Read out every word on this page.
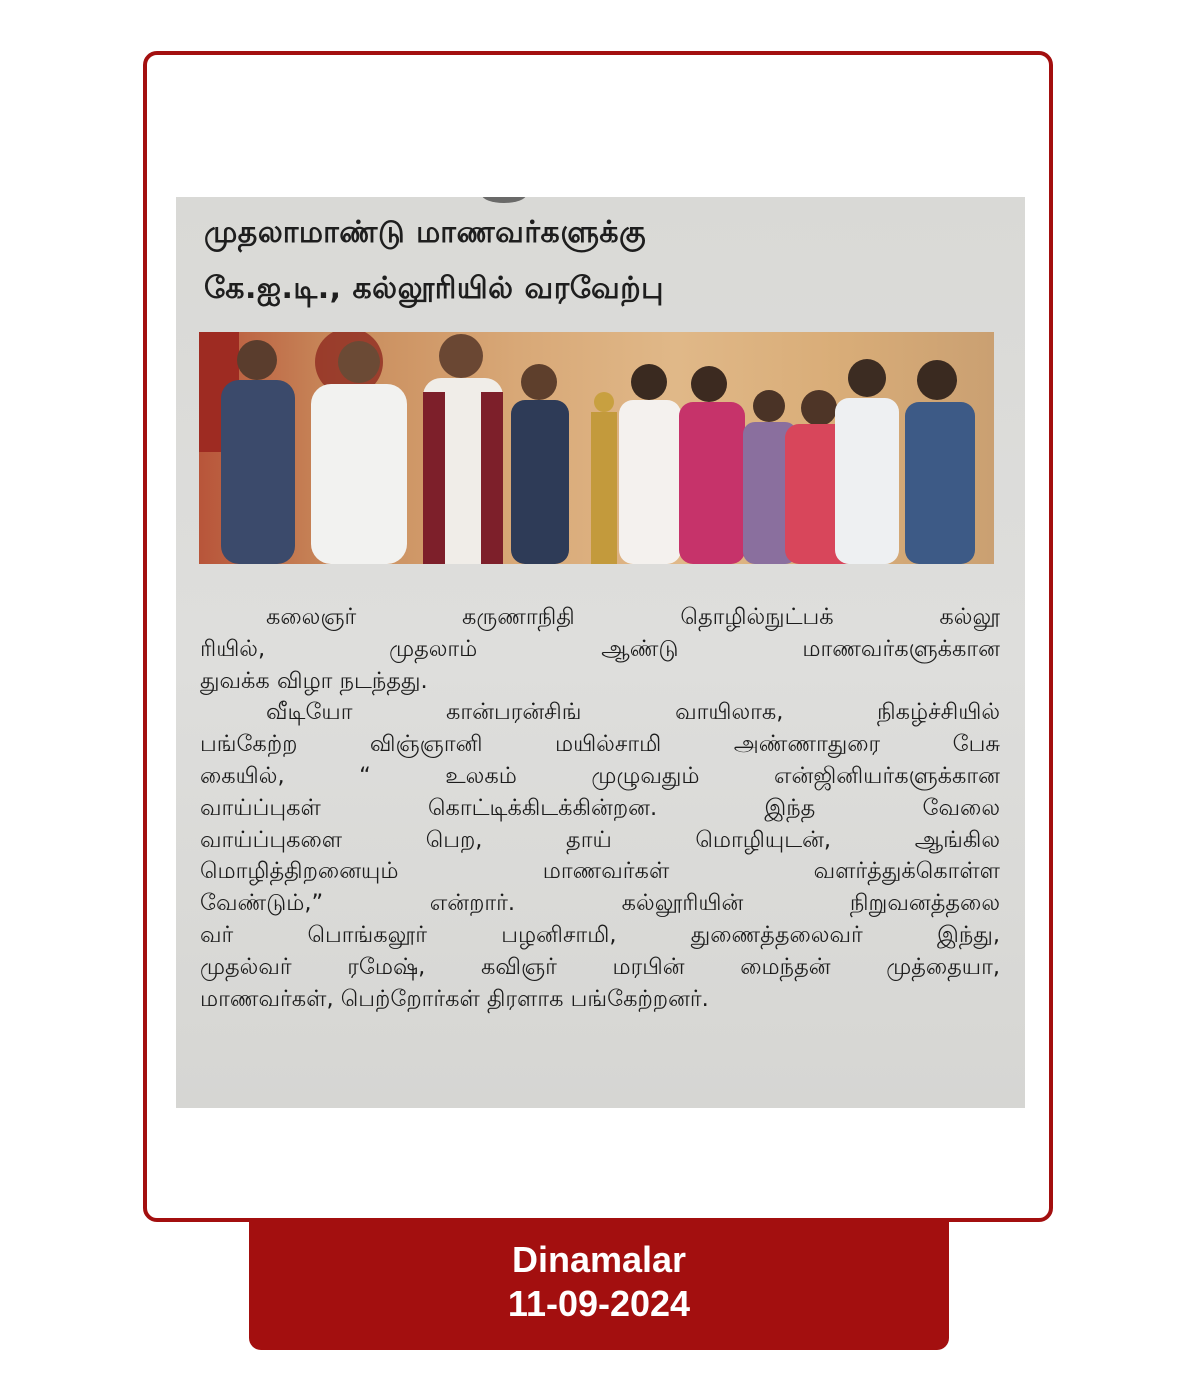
முதலாமாண்டு மாணவர்களுக்கு
கே.ஐ.டி., கல்லூரியில் வரவேற்பு

கலைஞர் கருணாநிதி தொழில்நுட்பக் கல்லூ

ரியில், முதலாம் ஆண்டு மாணவர்களுக்கான

துவக்க விழா நடந்தது.

வீடியோ கான்பரன்சிங் வாயிலாக, நிகழ்ச்சியில்

பங்கேற்ற விஞ்ஞானி மயில்சாமி அண்ணாதுரை பேசு

கையில், “ உலகம் முழுவதும் என்ஜினியர்களுக்கான

வாய்ப்புகள் கொட்டிக்கிடக்கின்றன. இந்த வேலை

வாய்ப்புகளை பெற, தாய் மொழியுடன், ஆங்கில

மொழித்திறனையும் மாணவர்கள் வளர்த்துக்கொள்ள

வேண்டும்,” என்றார். கல்லூரியின் நிறுவனத்தலை

வர் பொங்கலூர் பழனிசாமி, துணைத்தலைவர் இந்து,

முதல்வர் ரமேஷ், கவிஞர் மரபின் மைந்தன் முத்தையா,

மாணவர்கள், பெற்றோர்கள் திரளாக பங்கேற்றனர்.

Dinamalar
11-09-2024
